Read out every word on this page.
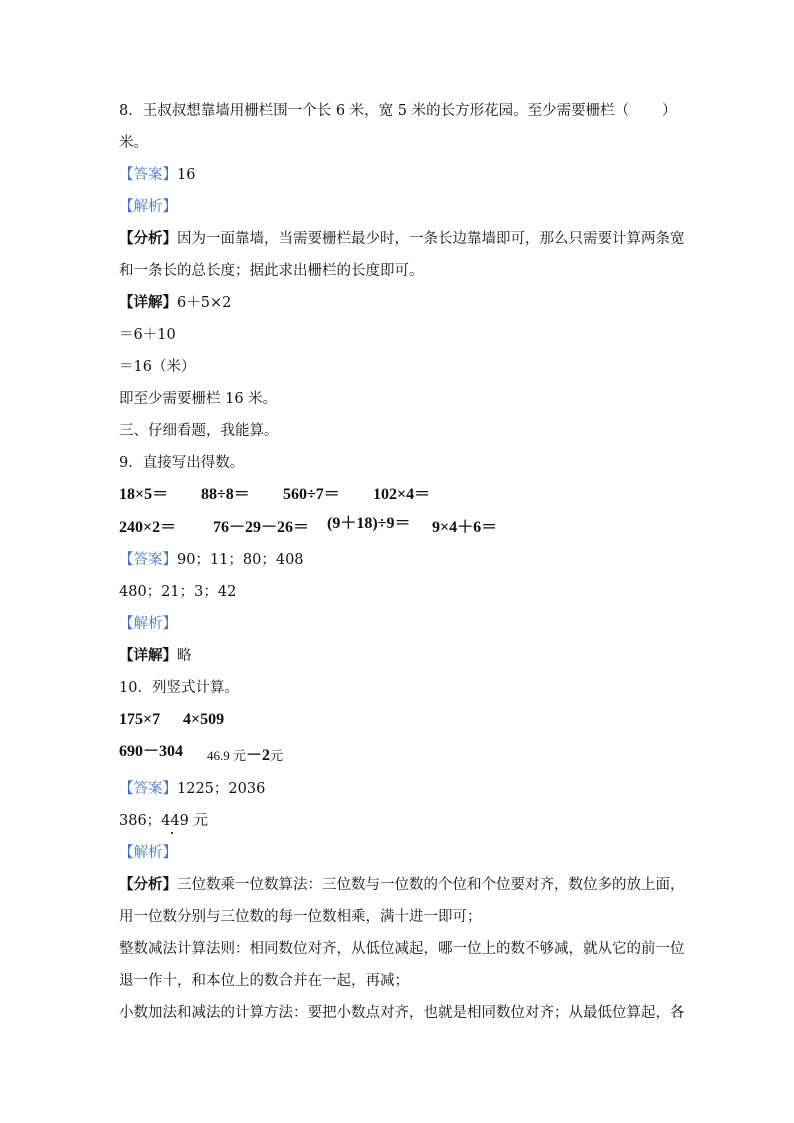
8．王叔叔想靠墙用栅栏围一个长 6 米，宽 5 米的长方形花园。至少需要栅栏（ ）
米。
【答案】16
【解析】
【分析】因为一面靠墙，当需要栅栏最少时，一条长边靠墙即可，那么只需要计算两条宽
和一条长的总长度；据此求出栅栏的长度即可。
【详解】6＋5×2
＝6＋10
＝16（米）
即至少需要栅栏 16 米。
三、仔细看题，我能算。
9．直接写出得数。
18×5＝ 88÷8＝ 560÷7＝ 102×4＝
240×2＝ 76－29－26＝ (9＋18)÷9＝ 9×4＋6＝
【答案】90；11；80；408
480；21；3；42
【解析】
【详解】略
10．列竖式计算。
175×7 4×509
690－304 46.9 元－2元
【答案】1225；2036
386；449 元
【解析】
【分析】三位数乘一位数算法：三位数与一位数的个位和个位要对齐，数位多的放上面，
用一位数分别与三位数的每一位数相乘，满十进一即可；
整数减法计算法则：相同数位对齐，从低位减起，哪一位上的数不够减，就从它的前一位
退一作十，和本位上的数合并在一起，再减；
小数加法和减法的计算方法：要把小数点对齐，也就是相同数位对齐；从最低位算起，各
